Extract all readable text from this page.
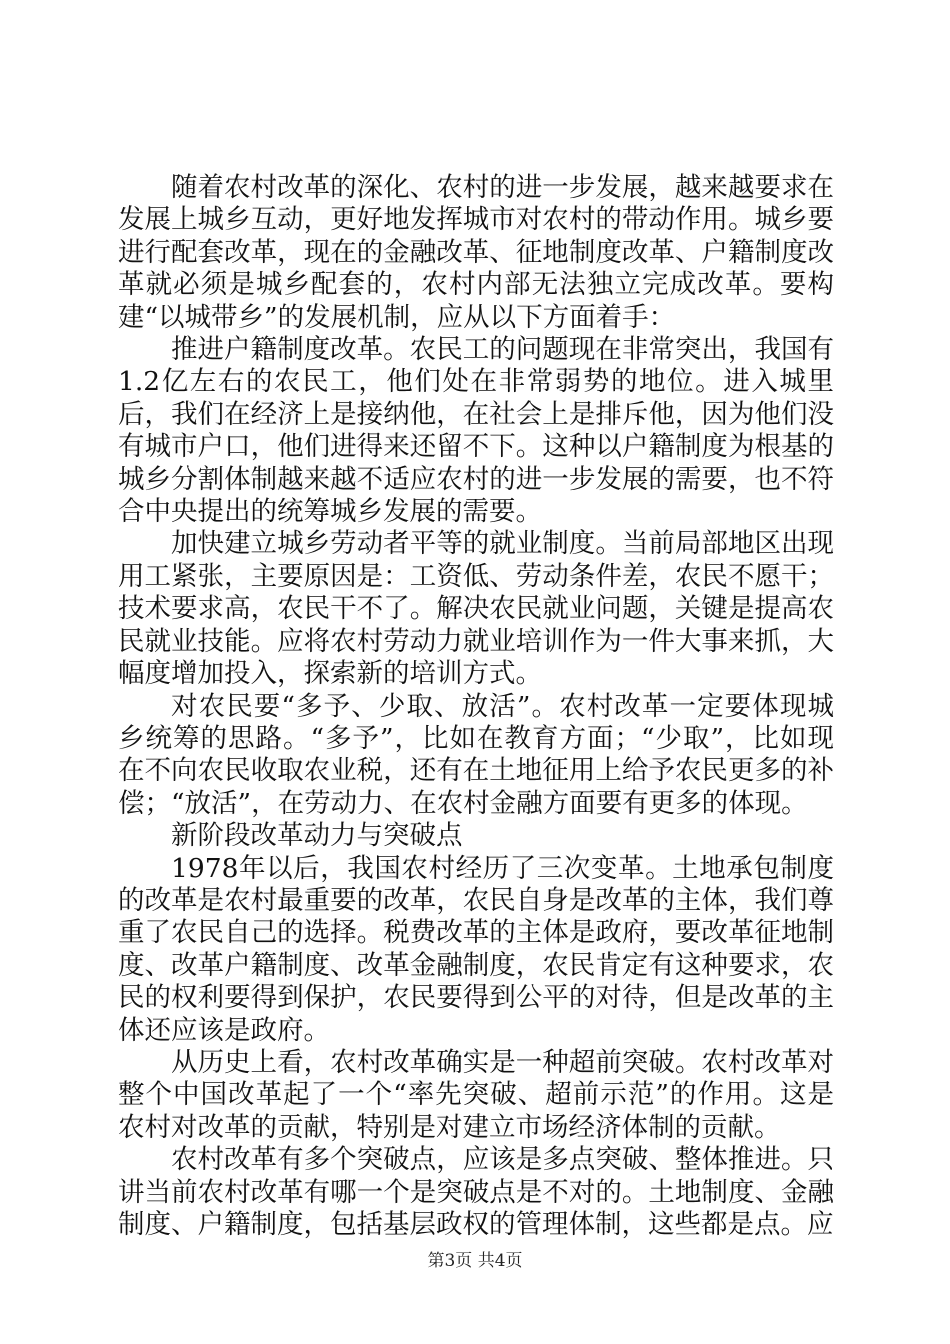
随着农村改革的深化、农村的进一步发展，越来越要求在发展上城乡互动，更好地发挥城市对农村的带动作用。城乡要进行配套改革，现在的金融改革、征地制度改革、户籍制度改革就必须是城乡配套的，农村内部无法独立完成改革。要构建“以城带乡”的发展机制，应从以下方面着手：

推进户籍制度改革。农民工的问题现在非常突出，我国有1.2亿左右的农民工，他们处在非常弱势的地位。进入城里后，我们在经济上是接纳他，在社会上是排斥他，因为他们没有城市户口，他们进得来还留不下。这种以户籍制度为根基的城乡分割体制越来越不适应农村的进一步发展的需要，也不符合中央提出的统筹城乡发展的需要。

加快建立城乡劳动者平等的就业制度。当前局部地区出现用工紧张，主要原因是：工资低、劳动条件差，农民不愿干；技术要求高，农民干不了。解决农民就业问题，关键是提高农民就业技能。应将农村劳动力就业培训作为一件大事来抓，大幅度增加投入，探索新的培训方式。

对农民要“多予、少取、放活”。农村改革一定要体现城乡统筹的思路。“多予”，比如在教育方面；“少取”，比如现在不向农民收取农业税，还有在土地征用上给予农民更多的补偿；“放活”，在劳动力、在农村金融方面要有更多的体现。

新阶段改革动力与突破点

1978年以后，我国农村经历了三次变革。土地承包制度的改革是农村最重要的改革，农民自身是改革的主体，我们尊重了农民自己的选择。税费改革的主体是政府，要改革征地制度、改革户籍制度、改革金融制度，农民肯定有这种要求，农民的权利要得到保护，农民要得到公平的对待，但是改革的主体还应该是政府。

从历史上看，农村改革确实是一种超前突破。农村改革对整个中国改革起了一个“率先突破、超前示范”的作用。这是农村对改革的贡献，特别是对建立市场经济体制的贡献。

农村改革有多个突破点，应该是多点突破、整体推进。只讲当前农村改革有哪一个是突破点是不对的。土地制度、金融制度、户籍制度，包括基层政权的管理体制，这些都是点。应

第3页 共4页
